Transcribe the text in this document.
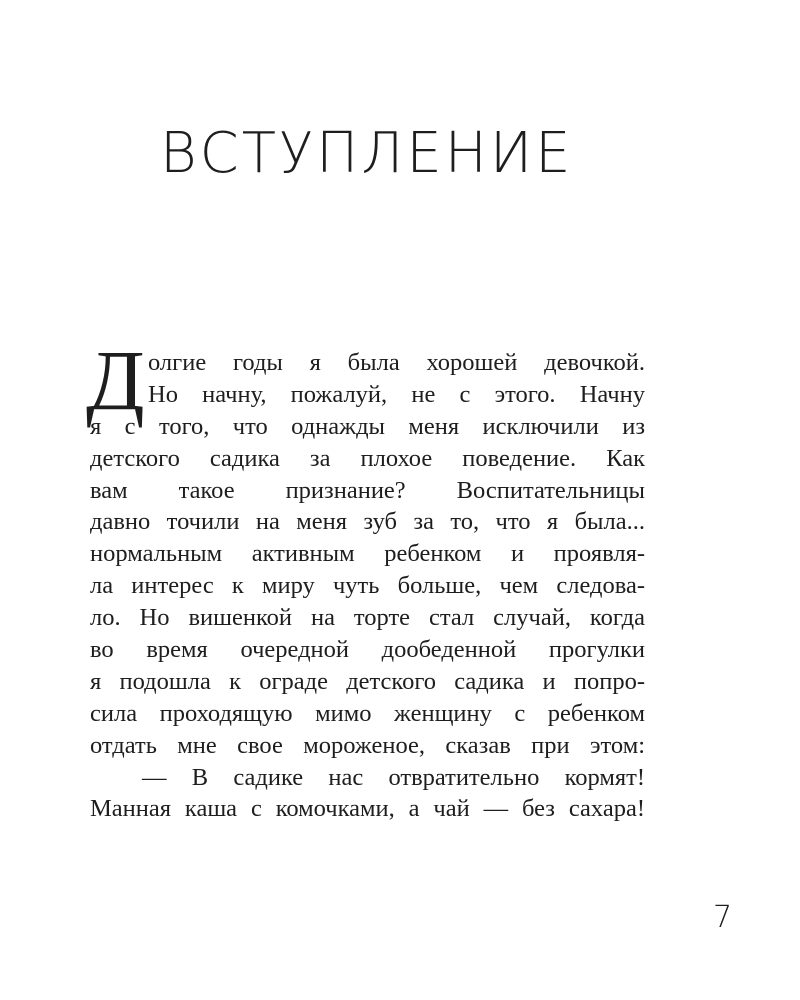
ВСТУПЛЕНИЕ
Д олгие годы я была хорошей девочкой.
Но начну, пожалуй, не с этого. Начну
я с того, что однажды меня исключили из
детского садика за плохое поведение. Как
вам такое признание? Воспитательницы
давно точили на меня зуб за то, что я была...
нормальным активным ребенком и проявля-
ла интерес к миру чуть больше, чем следова-
ло. Но вишенкой на торте стал случай, когда
во время очередной дообеденной прогулки
я подошла к ограде детского садика и попро-
сила проходящую мимо женщину с ребенком
отдать мне свое мороженое, сказав при этом:
— В садике нас отвратительно кормят!
Манная каша с комочками, а чай — без сахара!
7
